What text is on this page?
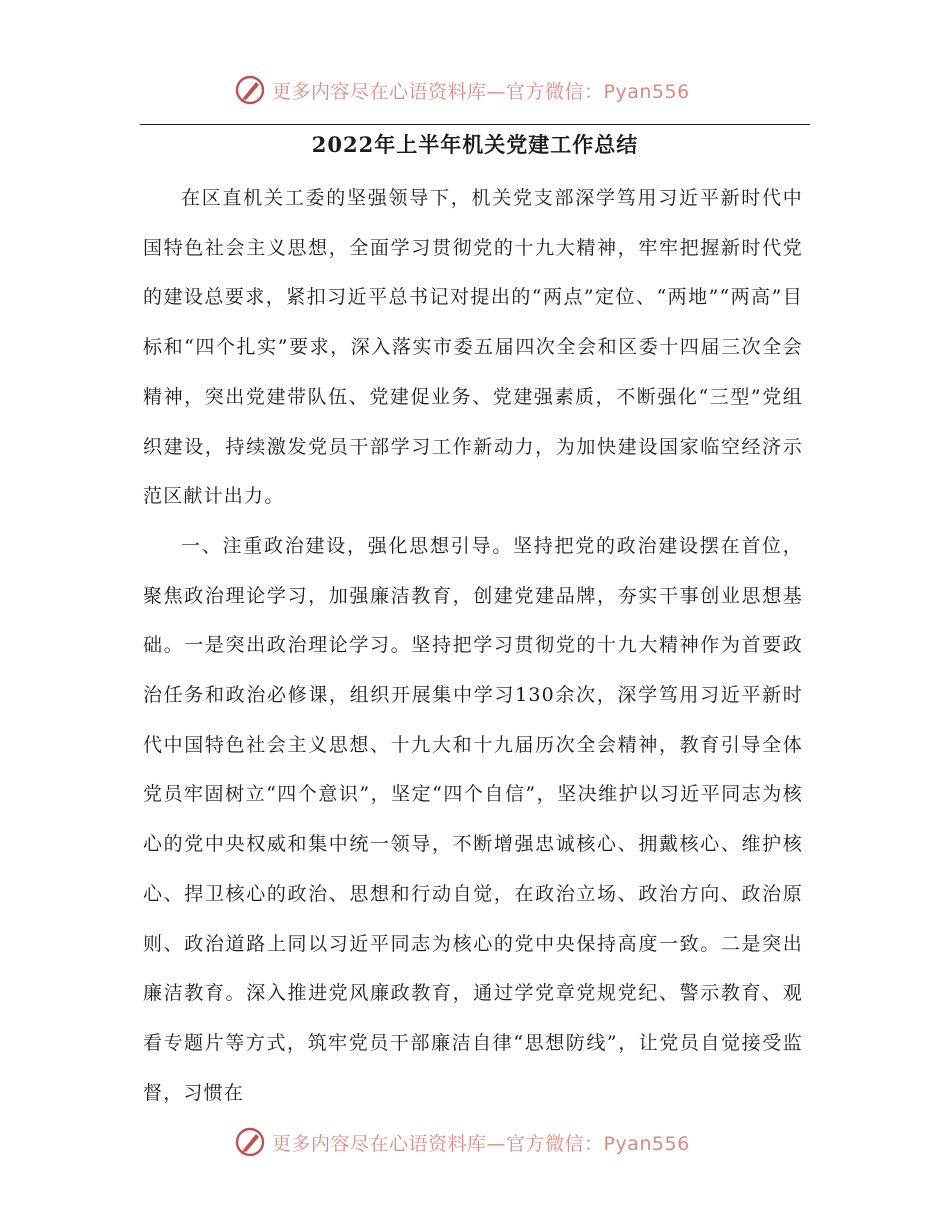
更多内容尽在心语资料库—官方微信：Pyan556
2022年上半年机关党建工作总结

在区直机关工委的坚强领导下，机关党支部深学笃用习近平新时代中国特色社会主义思想，全面学习贯彻党的十九大精神，牢牢把握新时代党的建设总要求，紧扣习近平总书记对提出的“两点”定位、“两地”“两高”目标和“四个扎实”要求，深入落实市委五届四次全会和区委十四届三次全会精神，突出党建带队伍、党建促业务、党建强素质，不断强化“三型”党组织建设，持续激发党员干部学习工作新动力，为加快建设国家临空经济示范区献计出力。

一、注重政治建设，强化思想引导。坚持把党的政治建设摆在首位，聚焦政治理论学习，加强廉洁教育，创建党建品牌，夯实干事创业思想基础。一是突出政治理论学习。坚持把学习贯彻党的十九大精神作为首要政治任务和政治必修课，组织开展集中学习130余次，深学笃用习近平新时代中国特色社会主义思想、十九大和十九届历次全会精神，教育引导全体党员牢固树立“四个意识”，坚定“四个自信”，坚决维护以习近平同志为核心的党中央权威和集中统一领导，不断增强忠诚核心、拥戴核心、维护核心、捍卫核心的政治、思想和行动自觉，在政治立场、政治方向、政治原则、政治道路上同以习近平同志为核心的党中央保持高度一致。二是突出廉洁教育。深入推进党风廉政教育，通过学党章党规党纪、警示教育、观看专题片等方式，筑牢党员干部廉洁自律“思想防线”，让党员自觉接受监督，习惯在

更多内容尽在心语资料库—官方微信：Pyan556
